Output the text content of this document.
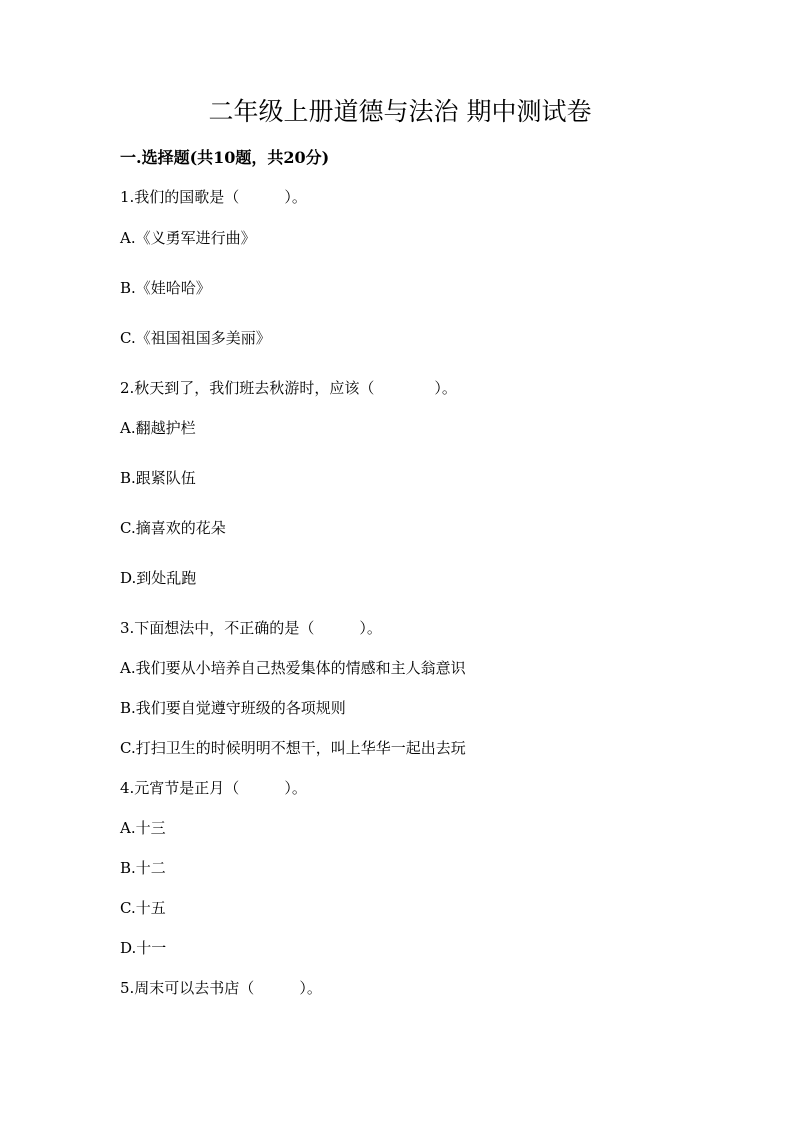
二年级上册道德与法治 期中测试卷
一.选择题(共10题，共20分)
1.我们的国歌是（　　　）。
A.《义勇军进行曲》
B.《娃哈哈》
C.《祖国祖国多美丽》
2.秋天到了，我们班去秋游时，应该（　　　　）。
A.翻越护栏
B.跟紧队伍
C.摘喜欢的花朵
D.到处乱跑
3.下面想法中，不正确的是（　　　）。
A.我们要从小培养自己热爱集体的情感和主人翁意识
B.我们要自觉遵守班级的各项规则
C.打扫卫生的时候明明不想干，叫上华华一起出去玩
4.元宵节是正月（　　　）。
A.十三
B.十二
C.十五
D.十一
5.周末可以去书店（　　　）。
